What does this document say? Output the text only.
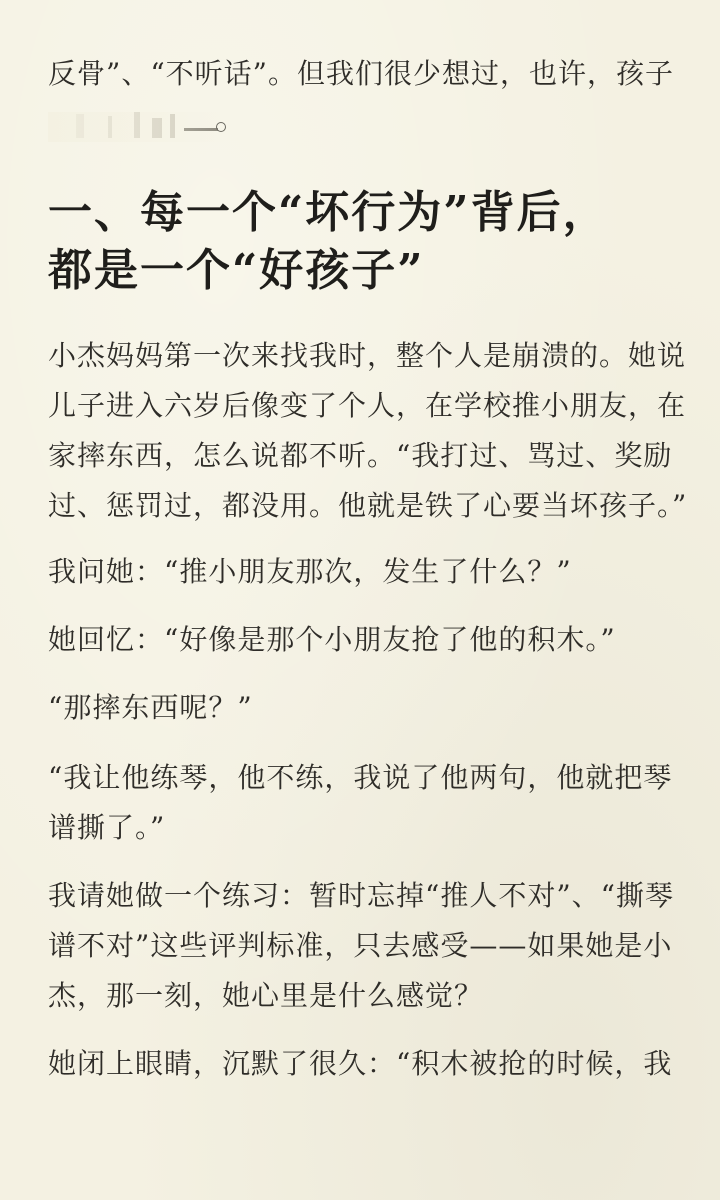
反骨”、“不听话”。但我们很少想过，也许，孩子
一、每一个“坏行为”背后，
都是一个“好孩子”
小杰妈妈第一次来找我时，整个人是崩溃的。她说
儿子进入六岁后像变了个人，在学校推小朋友，在
家摔东西，怎么说都不听。“我打过、骂过、奖励
过、惩罚过，都没用。他就是铁了心要当坏孩子。”
我问她：“推小朋友那次，发生了什么？”
她回忆：“好像是那个小朋友抢了他的积木。”
“那摔东西呢？”
“我让他练琴，他不练，我说了他两句，他就把琴
谱撕了。”
我请她做一个练习：暂时忘掉“推人不对”、“撕琴
谱不对”这些评判标准，只去感受——如果她是小
杰，那一刻，她心里是什么感觉？
她闭上眼睛，沉默了很久：“积木被抢的时候，我
